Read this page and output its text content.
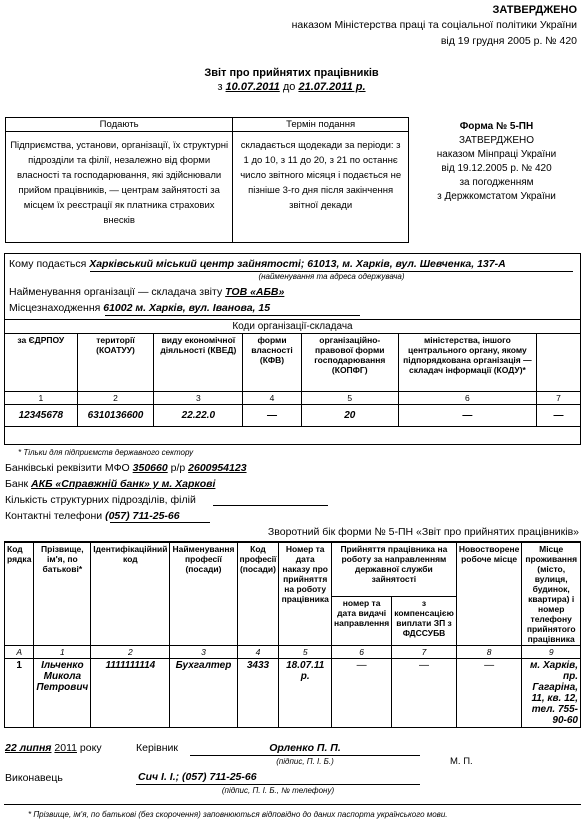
ЗАТВЕРДЖЕНО
наказом Міністерства праці та соціальної політики України
від 19 грудня 2005 р. № 420
Звіт про прийнятих працівників
з 10.07.2011 до 21.07.2011 р.
Подають	Термін подання
Підприємства, установи, організації, їх структурні підрозділи та філії, незалежно від форми власності та господарювання, які здійснювали прийом працівників, — центрам зайнятості за місцем їх реєстрації як платника страхових внесків	складається щодекади за періоди: з 1 до 10, з 11 до 20, з 21 по останнє число звітного місяця і подається не пізніше 3-го дня після закінчення звітної декади
Форма № 5-ПН
ЗАТВЕРДЖЕНО
наказом Мінпраці України
від 19.12.2005 р. № 420
за погодженням
з Держкомстатом України
Кому подається Харківський міський центр зайнятості; 61013, м. Харків, вул. Шевченка, 137-А
(найменування та адреса одержувача)
Найменування організації — складача звіту ТОВ «АБВ»
Місцезнаходження 61002 м. Харків, вул. Іванова, 15
Коди організації-складача						
за ЄДРПОУ	території (КОАТУУ)	виду економічної діяльності (КВЕД)	форми власності (КФВ)	організаційно-правової форми господарювання (КОПФГ)	міністерства, іншого центрального органу, якому підпорядкована організація — складач інформації (КОДУ)*	
1	2	3	4	5	6	7
12345678	6310136600	22.22.0	—	20	—	—
* Тільки для підприємств державного сектору
Банківські реквізити МФО 350660 р/р 2600954123
Банк АКБ «Справжній банк» у м. Харкові
Кількість структурних підрозділів, філій
Контактні телефони (057) 711-25-66
Зворотний бік форми № 5-ПН «Звіт про прийнятих працівників»
Код рядка	Прізвище, ім'я, по батькові*	Ідентифікаційний код	Найменування професії (посади)	Код професії (посади)	Номер та дата наказу про прийняття на роботу працівника	Прийняття працівника на роботу за направленням державної служби зайнятості		Новостворене робоче місце	Місце проживання (місто, вулиця, будинок, квартира) і номер телефону прийнятого працівника
						номер та дата видачі направлення	з компенсацією виплати ЗП з ФДССУБВ		
А	1	2	3	4	5	6	7	8	9
1	Ільченко Микола Петрович	1111111114	Бухгалтер	3433	18.07.11 р.	—	—	—	м. Харків, пр. Гагаріна, 11, кв. 12, тел. 755-90-60
22 липня 2011 року	Керівник	Орленко П. П.
(підпис, П. І. Б.)	М. П.
Виконавець	Сич І. І.; (057) 711-25-66
(підпис, П. І. Б., № телефону)
* Прізвище, ім'я, по батькові (без скорочення) заповнюються відповідно до даних паспорта українського мови.
